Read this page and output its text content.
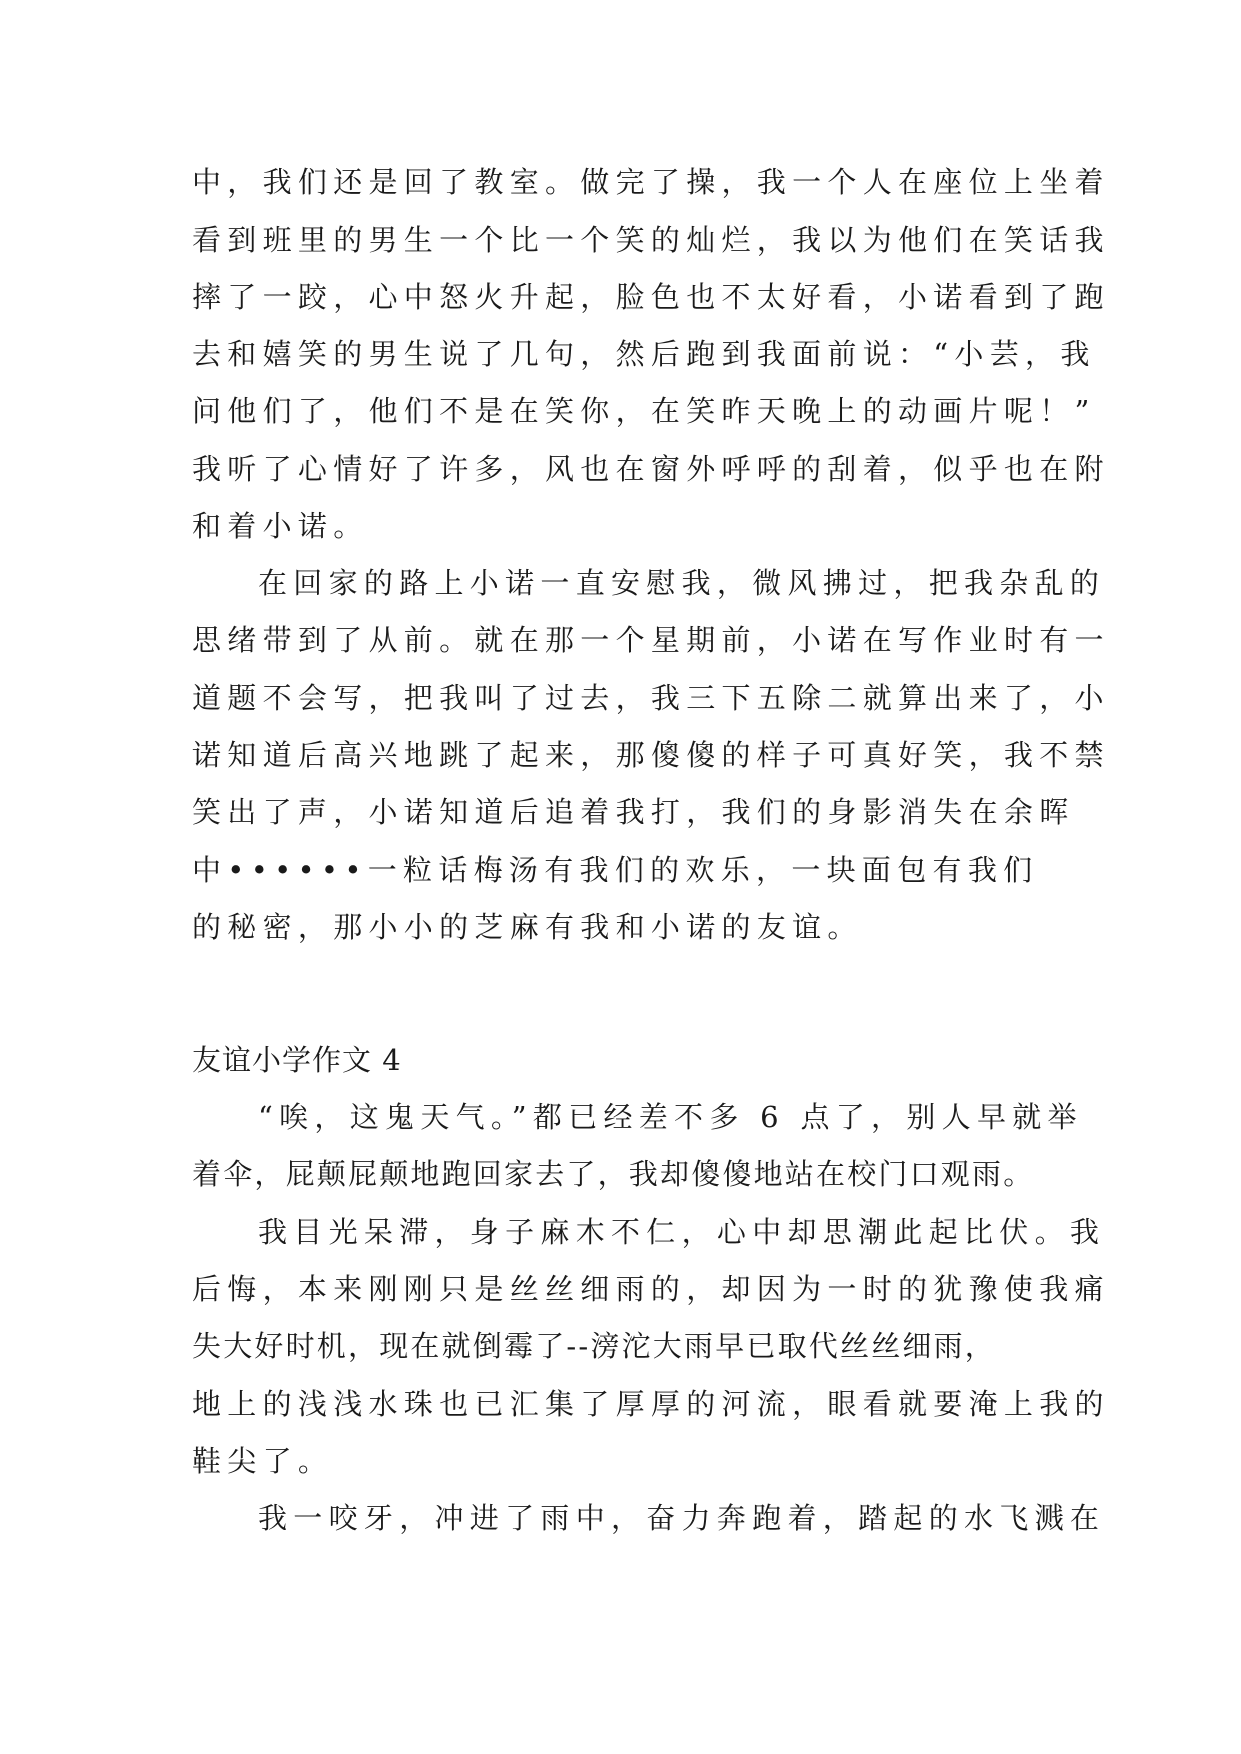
中，我们还是回了教室。做完了操，我一个人在座位上坐着
看到班里的男生一个比一个笑的灿烂，我以为他们在笑话我
摔了一跤，心中怒火升起，脸色也不太好看，小诺看到了跑
去和嬉笑的男生说了几句，然后跑到我面前说：“小芸，我
问他们了，他们不是在笑你，在笑昨天晚上的动画片呢！”
我听了心情好了许多，风也在窗外呼呼的刮着，似乎也在附
和着小诺。
在回家的路上小诺一直安慰我，微风拂过，把我杂乱的
思绪带到了从前。就在那一个星期前，小诺在写作业时有一
道题不会写，把我叫了过去，我三下五除二就算出来了，小
诺知道后高兴地跳了起来，那傻傻的样子可真好笑，我不禁
笑出了声，小诺知道后追着我打，我们的身影消失在余晖
中••••••一粒话梅汤有我们的欢乐，一块面包有我们
的秘密，那小小的芝麻有我和小诺的友谊。
友谊小学作文 4
“唉，这鬼天气。”都已经差不多 6 点了，别人早就举
着伞，屁颠屁颠地跑回家去了，我却傻傻地站在校门口观雨。
我目光呆滞，身子麻木不仁，心中却思潮此起比伏。我
后悔，本来刚刚只是丝丝细雨的，却因为一时的犹豫使我痛
失大好时机，现在就倒霉了--滂沱大雨早已取代丝丝细雨，
地上的浅浅水珠也已汇集了厚厚的河流，眼看就要淹上我的
鞋尖了。
我一咬牙，冲进了雨中，奋力奔跑着，踏起的水飞溅在
